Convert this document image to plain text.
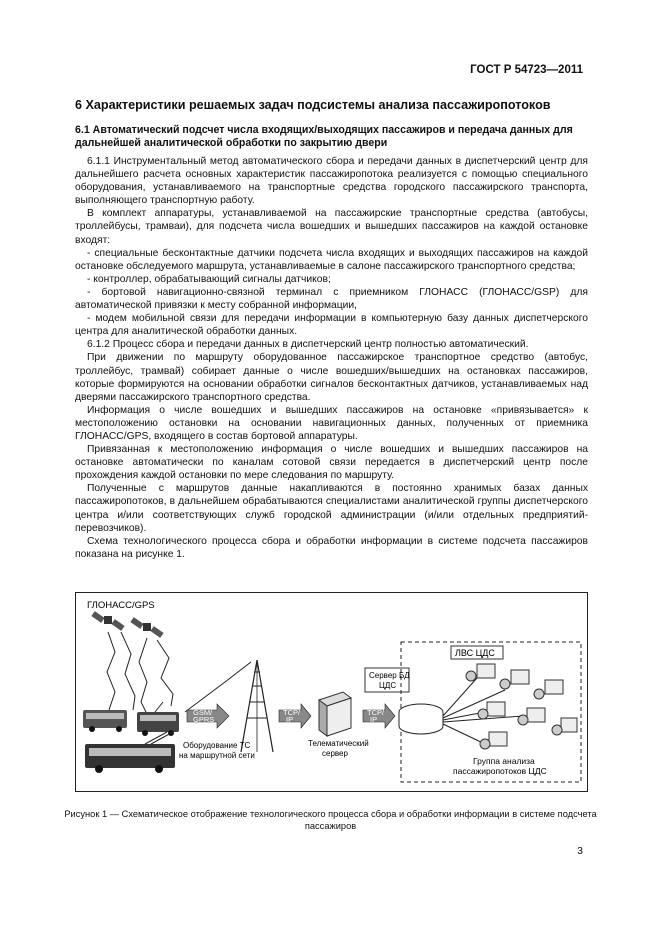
ГОСТ Р 54723—2011
6 Характеристики решаемых задач подсистемы анализа пассажиропотоков
6.1 Автоматический подсчет числа входящих/выходящих пассажиров и передача данных для дальнейшей аналитической обработки по закрытию двери

6.1.1 Инструментальный метод автоматического сбора и передачи данных в диспетчерский центр для дальнейшего расчета основных характеристик пассажиропотока реализуется с помощью специального оборудования, устанавливаемого на транспортные средства городского пассажирского транспорта, выполняющего транспортную работу.

В комплект аппаратуры, устанавливаемой на пассажирские транспортные средства (автобусы, троллейбусы, трамваи), для подсчета числа вошедших и вышедших пассажиров на каждой остановке входят:

- специальные бесконтактные датчики подсчета числа входящих и выходящих пассажиров на каждой остановке обследуемого маршрута, устанавливаемые в салоне пассажирского транспортного средства;

- контроллер, обрабатывающий сигналы датчиков;

- бортовой навигационно-связной терминал с приемником ГЛОНАСС (ГЛОНАСС/GSP) для автоматической привязки к месту собранной информации,

- модем мобильной связи для передачи информации в компьютерную базу данных диспетчерского центра для аналитической обработки данных.

6.1.2 Процесс сбора и передачи данных в диспетчерский центр полностью автоматический.

При движении по маршруту оборудованное пассажирское транспортное средство (автобус, троллейбус, трамвай) собирает данные о числе вошедших/вышедших на остановках пассажиров, которые формируются на основании обработки сигналов бесконтактных датчиков, устанавливаемых над дверями пассажирского транспортного средства.

Информация о числе вошедших и вышедших пассажиров на остановке «привязывается» к местоположению остановки на основании навигационных данных, полученных от приемника ГЛОНАСС/GPS, входящего в состав бортовой аппаратуры.

Привязанная к местоположению информация о числе вошедших и вышедших пассажиров на остановке автоматически по каналам сотовой связи передается в диспетчерский центр после прохождения каждой остановки по мере следования по маршруту.

Полученные с маршрутов данные накапливаются в постоянно хранимых базах данных пассажиропотоков, в дальнейшем обрабатываются специалистами аналитической группы диспетчерского центра и/или соответствующих служб городской администрации (и/или отдельных предприятий-перевозчиков).

Схема технологического процесса сбора и обработки информации в системе подсчета пассажиров показана на рисунке 1.

ГЛОНАСС/GPS
GSM/
GPRS
Оборудование ТС
на маршрутной сети
TCP/
IP
Телематический
сервер
TCP/
IP
Сервер БД
ЦДС
ЛВС ЦДС
Группа анализа
пассажиропотоков ЦДС
Рисунок 1 — Схематическое отображение технологического процесса сбора и обработки информации в системе подсчета пассажиров
3
